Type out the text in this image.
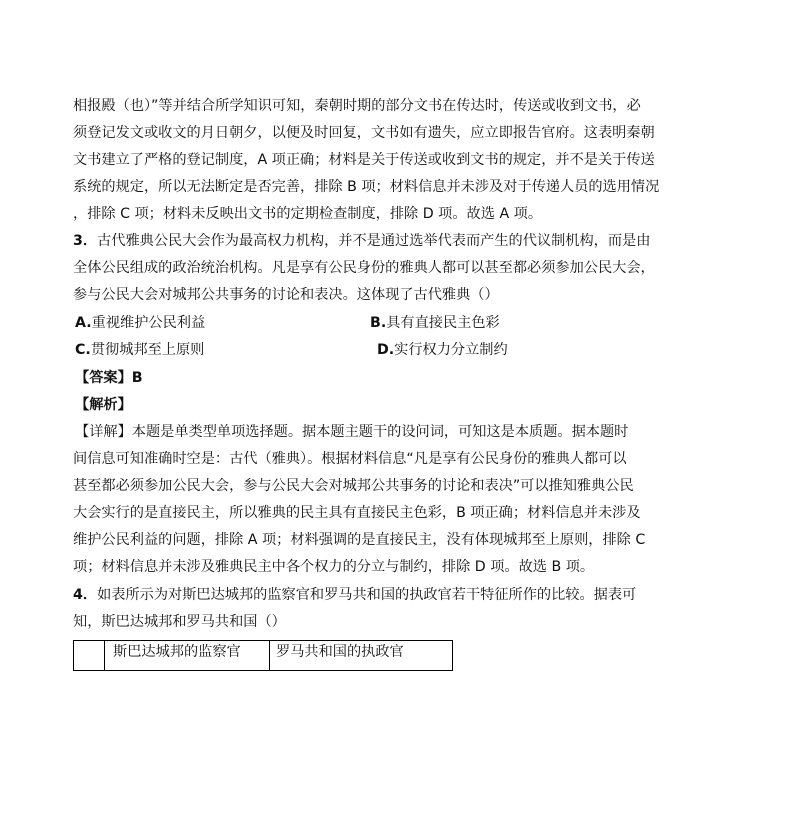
相报殿（也）”等并结合所学知识可知，秦朝时期的部分文书在传达时，传送或收到文书，必
须登记发文或收文的月日朝夕，以便及时回复，文书如有遗失，应立即报告官府。这表明秦朝
文书建立了严格的登记制度，A 项正确；材料是关于传送或收到文书的规定，并不是关于传送
系统的规定，所以无法断定是否完善，排除 B 项；材料信息并未涉及对于传递人员的选用情况
，排除 C 项；材料未反映出文书的定期检查制度，排除 D 项。故选 A 项。
3．古代雅典公民大会作为最高权力机构，并不是通过选举代表而产生的代议制机构，而是由
全体公民组成的政治统治机构。凡是享有公民身份的雅典人都可以甚至都必须参加公民大会，
参与公民大会对城邦公共事务的讨论和表决。这体现了古代雅典（）
A.重视维护公民利益	B.具有直接民主色彩
C.贯彻城邦至上原则	D.实行权力分立制约
【答案】B
【解析】
【详解】本题是单类型单项选择题。据本题主题干的设问词，可知这是本质题。据本题时
间信息可知准确时空是：古代（雅典）。根据材料信息“凡是享有公民身份的雅典人都可以
甚至都必须参加公民大会，参与公民大会对城邦公共事务的讨论和表决”可以推知雅典公民
大会实行的是直接民主，所以雅典的民主具有直接民主色彩，B 项正确；材料信息并未涉及
维护公民利益的问题，排除 A 项；材料强调的是直接民主，没有体现城邦至上原则，排除 C
项；材料信息并未涉及雅典民主中各个权力的分立与制约，排除 D 项。故选 B 项。
4．如表所示为对斯巴达城邦的监察官和罗马共和国的执政官若干特征所作的比较。据表可
知，斯巴达城邦和罗马共和国（）
斯巴达城邦的监察官	罗马共和国的执政官
